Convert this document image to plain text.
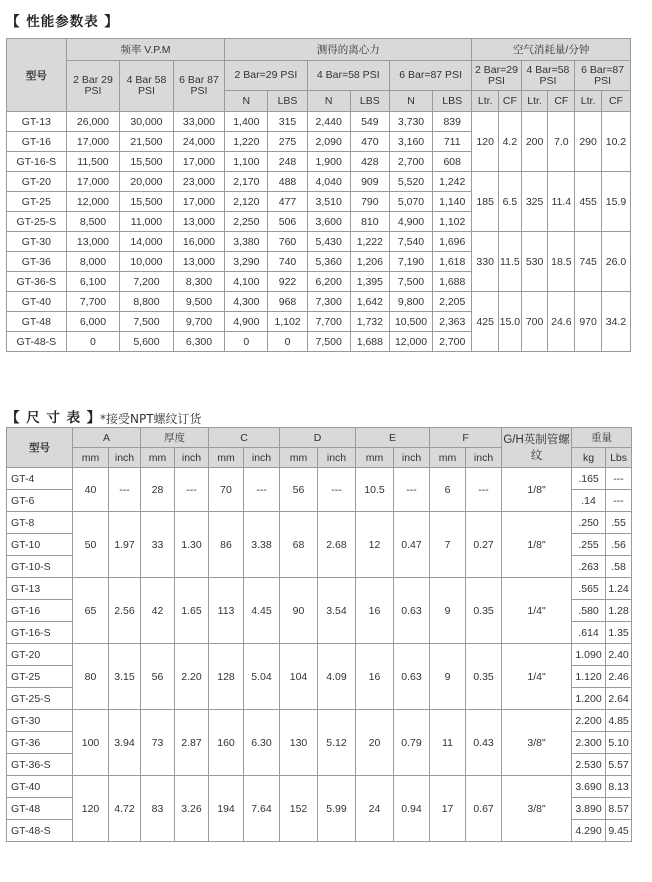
【 性能参数表 】
型号	频率 V.P.M			测得的离心力						空气消耗量/分钟					
	2 Bar 29 PSI	4 Bar 58 PSI	6 Bar 87 PSI	2 Bar=29 PSI		4 Bar=58 PSI		6 Bar=87 PSI		2 Bar=29 PSI		4 Bar=58 PSI		6 Bar=87 PSI	
				N	LBS	N	LBS	N	LBS	Ltr.	CF	Ltr.	CF	Ltr.	CF
GT-13	26,000	30,000	33,000	1,400	315	2,440	549	3,730	839	120	4.2	200	7.0	290	10.2
GT-16	17,000	21,500	24,000	1,220	275	2,090	470	3,160	711						
GT-16-S	11,500	15,500	17,000	1,100	248	1,900	428	2,700	608						
GT-20	17,000	20,000	23,000	2,170	488	4,040	909	5,520	1,242	185	6.5	325	11.4	455	15.9
GT-25	12,000	15,500	17,000	2,120	477	3,510	790	5,070	1,140						
GT-25-S	8,500	11,000	13,000	2,250	506	3,600	810	4,900	1,102						
GT-30	13,000	14,000	16,000	3,380	760	5,430	1,222	7,540	1,696	330	11.5	530	18.5	745	26.0
GT-36	8,000	10,000	13,000	3,290	740	5,360	1,206	7,190	1,618						
GT-36-S	6,100	7,200	8,300	4,100	922	6,200	1,395	7,500	1,688						
GT-40	7,700	8,800	9,500	4,300	968	7,300	1,642	9,800	2,205	425	15.0	700	24.6	970	34.2
GT-48	6,000	7,500	9,700	4,900	1,102	7,700	1,732	10,500	2,363						
GT-48-S	0	5,600	6,300	0	0	7,500	1,688	12,000	2,700						
【 尺 寸 表 】
*接受NPT螺纹订货
型号	A		厚度		C		D		E		F		G/H英制管螺纹	重量	
	mm	inch	mm	inch	mm	inch	mm	inch	mm	inch	mm	inch		kg	Lbs
GT-4	40	---	28	---	70	---	56	---	10.5	---	6	---	1/8"	.165	---
GT-6														.14	---
GT-8	50	1.97	33	1.30	86	3.38	68	2.68	12	0.47	7	0.27	1/8"	.250	.55
GT-10														.255	.56
GT-10-S														.263	.58
GT-13	65	2.56	42	1.65	113	4.45	90	3.54	16	0.63	9	0.35	1/4"	.565	1.24
GT-16														.580	1.28
GT-16-S														.614	1.35
GT-20	80	3.15	56	2.20	128	5.04	104	4.09	16	0.63	9	0.35	1/4"	1.090	2.40
GT-25														1.120	2.46
GT-25-S														1.200	2.64
GT-30	100	3.94	73	2.87	160	6.30	130	5.12	20	0.79	11	0.43	3/8"	2.200	4.85
GT-36														2.300	5.10
GT-36-S														2.530	5.57
GT-40	120	4.72	83	3.26	194	7.64	152	5.99	24	0.94	17	0.67	3/8"	3.690	8.13
GT-48														3.890	8.57
GT-48-S														4.290	9.45
